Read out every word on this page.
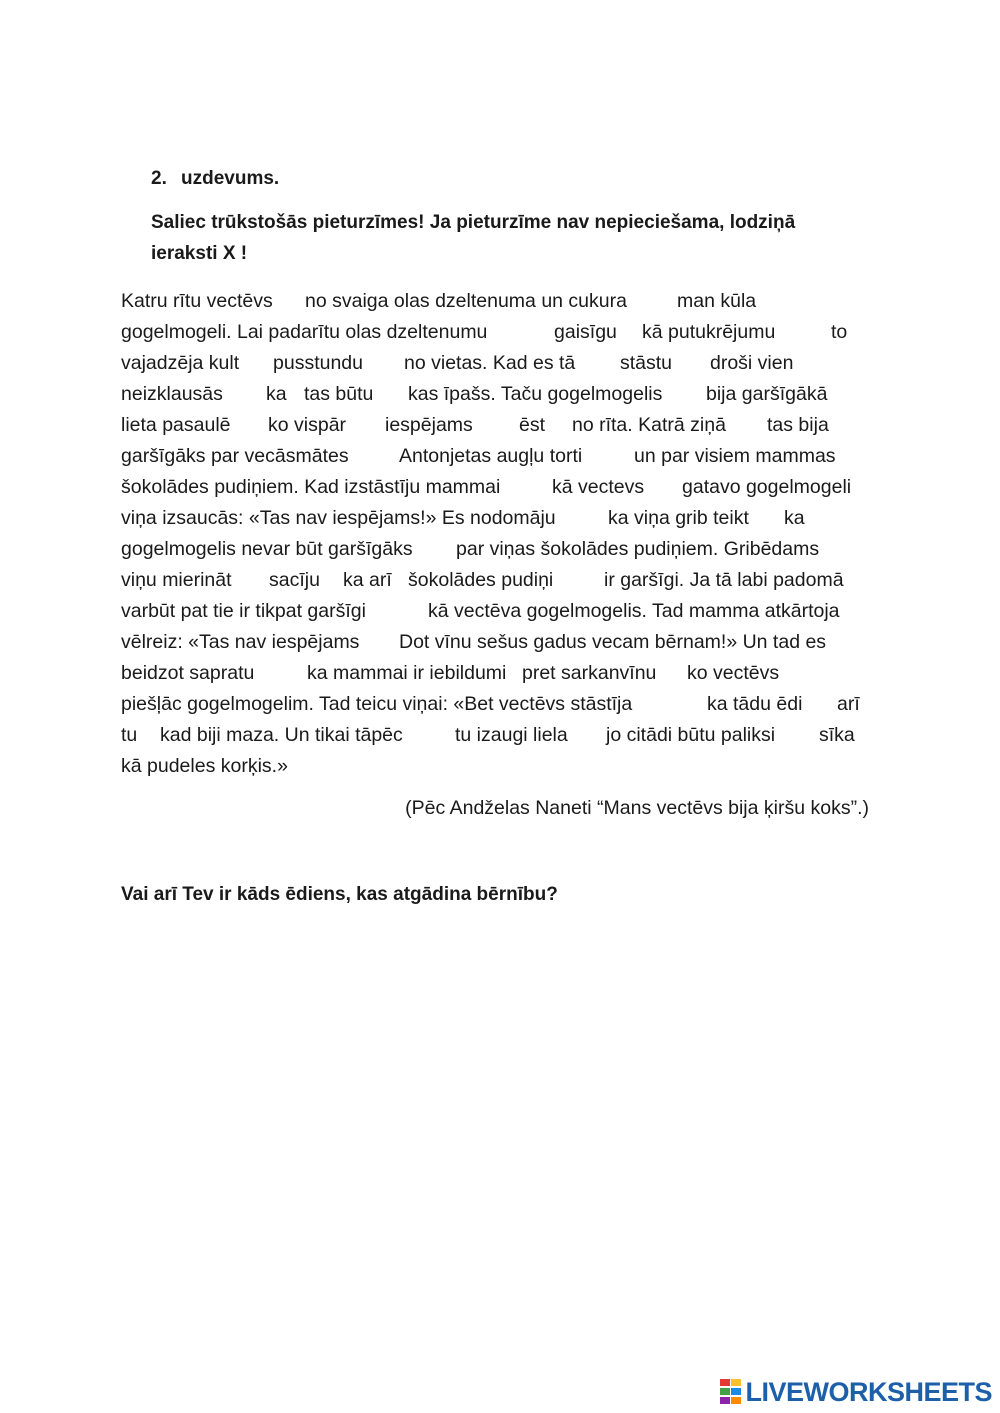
2. uzdevums.
Saliec trūkstošās pieturzīmes! Ja pieturzīme nav nepieciešama, lodziņā
ieraksti X !
Katru rītu vectēvs no svaiga olas dzeltenuma un cukura	man kūla
gogelmogeli. Lai padarītu olas dzeltenumu	gaisīgu kā putukrējumu	to
vajadzēja kult pusstundu no vietas. Kad es tā stāstu droši vien
neizklausās ka tas būtu kas īpašs. Taču gogelmogelis bija garšīgākā
lieta pasaulē ko vispār iespējams ēst no rīta. Katrā ziņā tas bija
garšīgāks par vecāsmātes	Antonjetas augļu torti	un par visiem mammas
šokolādes pudiņiem. Kad izstāstīju mammai	kā vectevs gatavo gogelmogeli
viņa izsaucās: «Tas nav iespējams!» Es nodomāju	ka viņa grib teikt ka
gogelmogelis nevar būt garšīgāks par viņas šokolādes pudiņiem. Gribēdams
viņu mierināt sacīju ka arī šokolādes pudiņi	ir garšīgi. Ja tā labi padomā
varbūt pat tie ir tikpat garšīgi	kā vectēva gogelmogelis. Tad mamma atkārtoja
vēlreiz: «Tas nav iespējams Dot vīnu sešus gadus vecam bērnam!» Un tad es
beidzot sapratu	ka mammai ir iebildumi pret sarkanvīnu ko vectēvs
piešļāc gogelmogelim. Tad teicu viņai: «Bet vectēvs stāstīja	ka tādu ēdi arī
tu kad biji maza. Un tikai tāpēc	tu izaugi liela jo citādi būtu paliksi sīka
kā pudeles korķis.»
(Pēc Andželas Naneti “Mans vectēvs bija ķiršu koks”.)
Vai arī Tev ir kāds ēdiens, kas atgādina bērnību?
LIVEWORKSHEETS
